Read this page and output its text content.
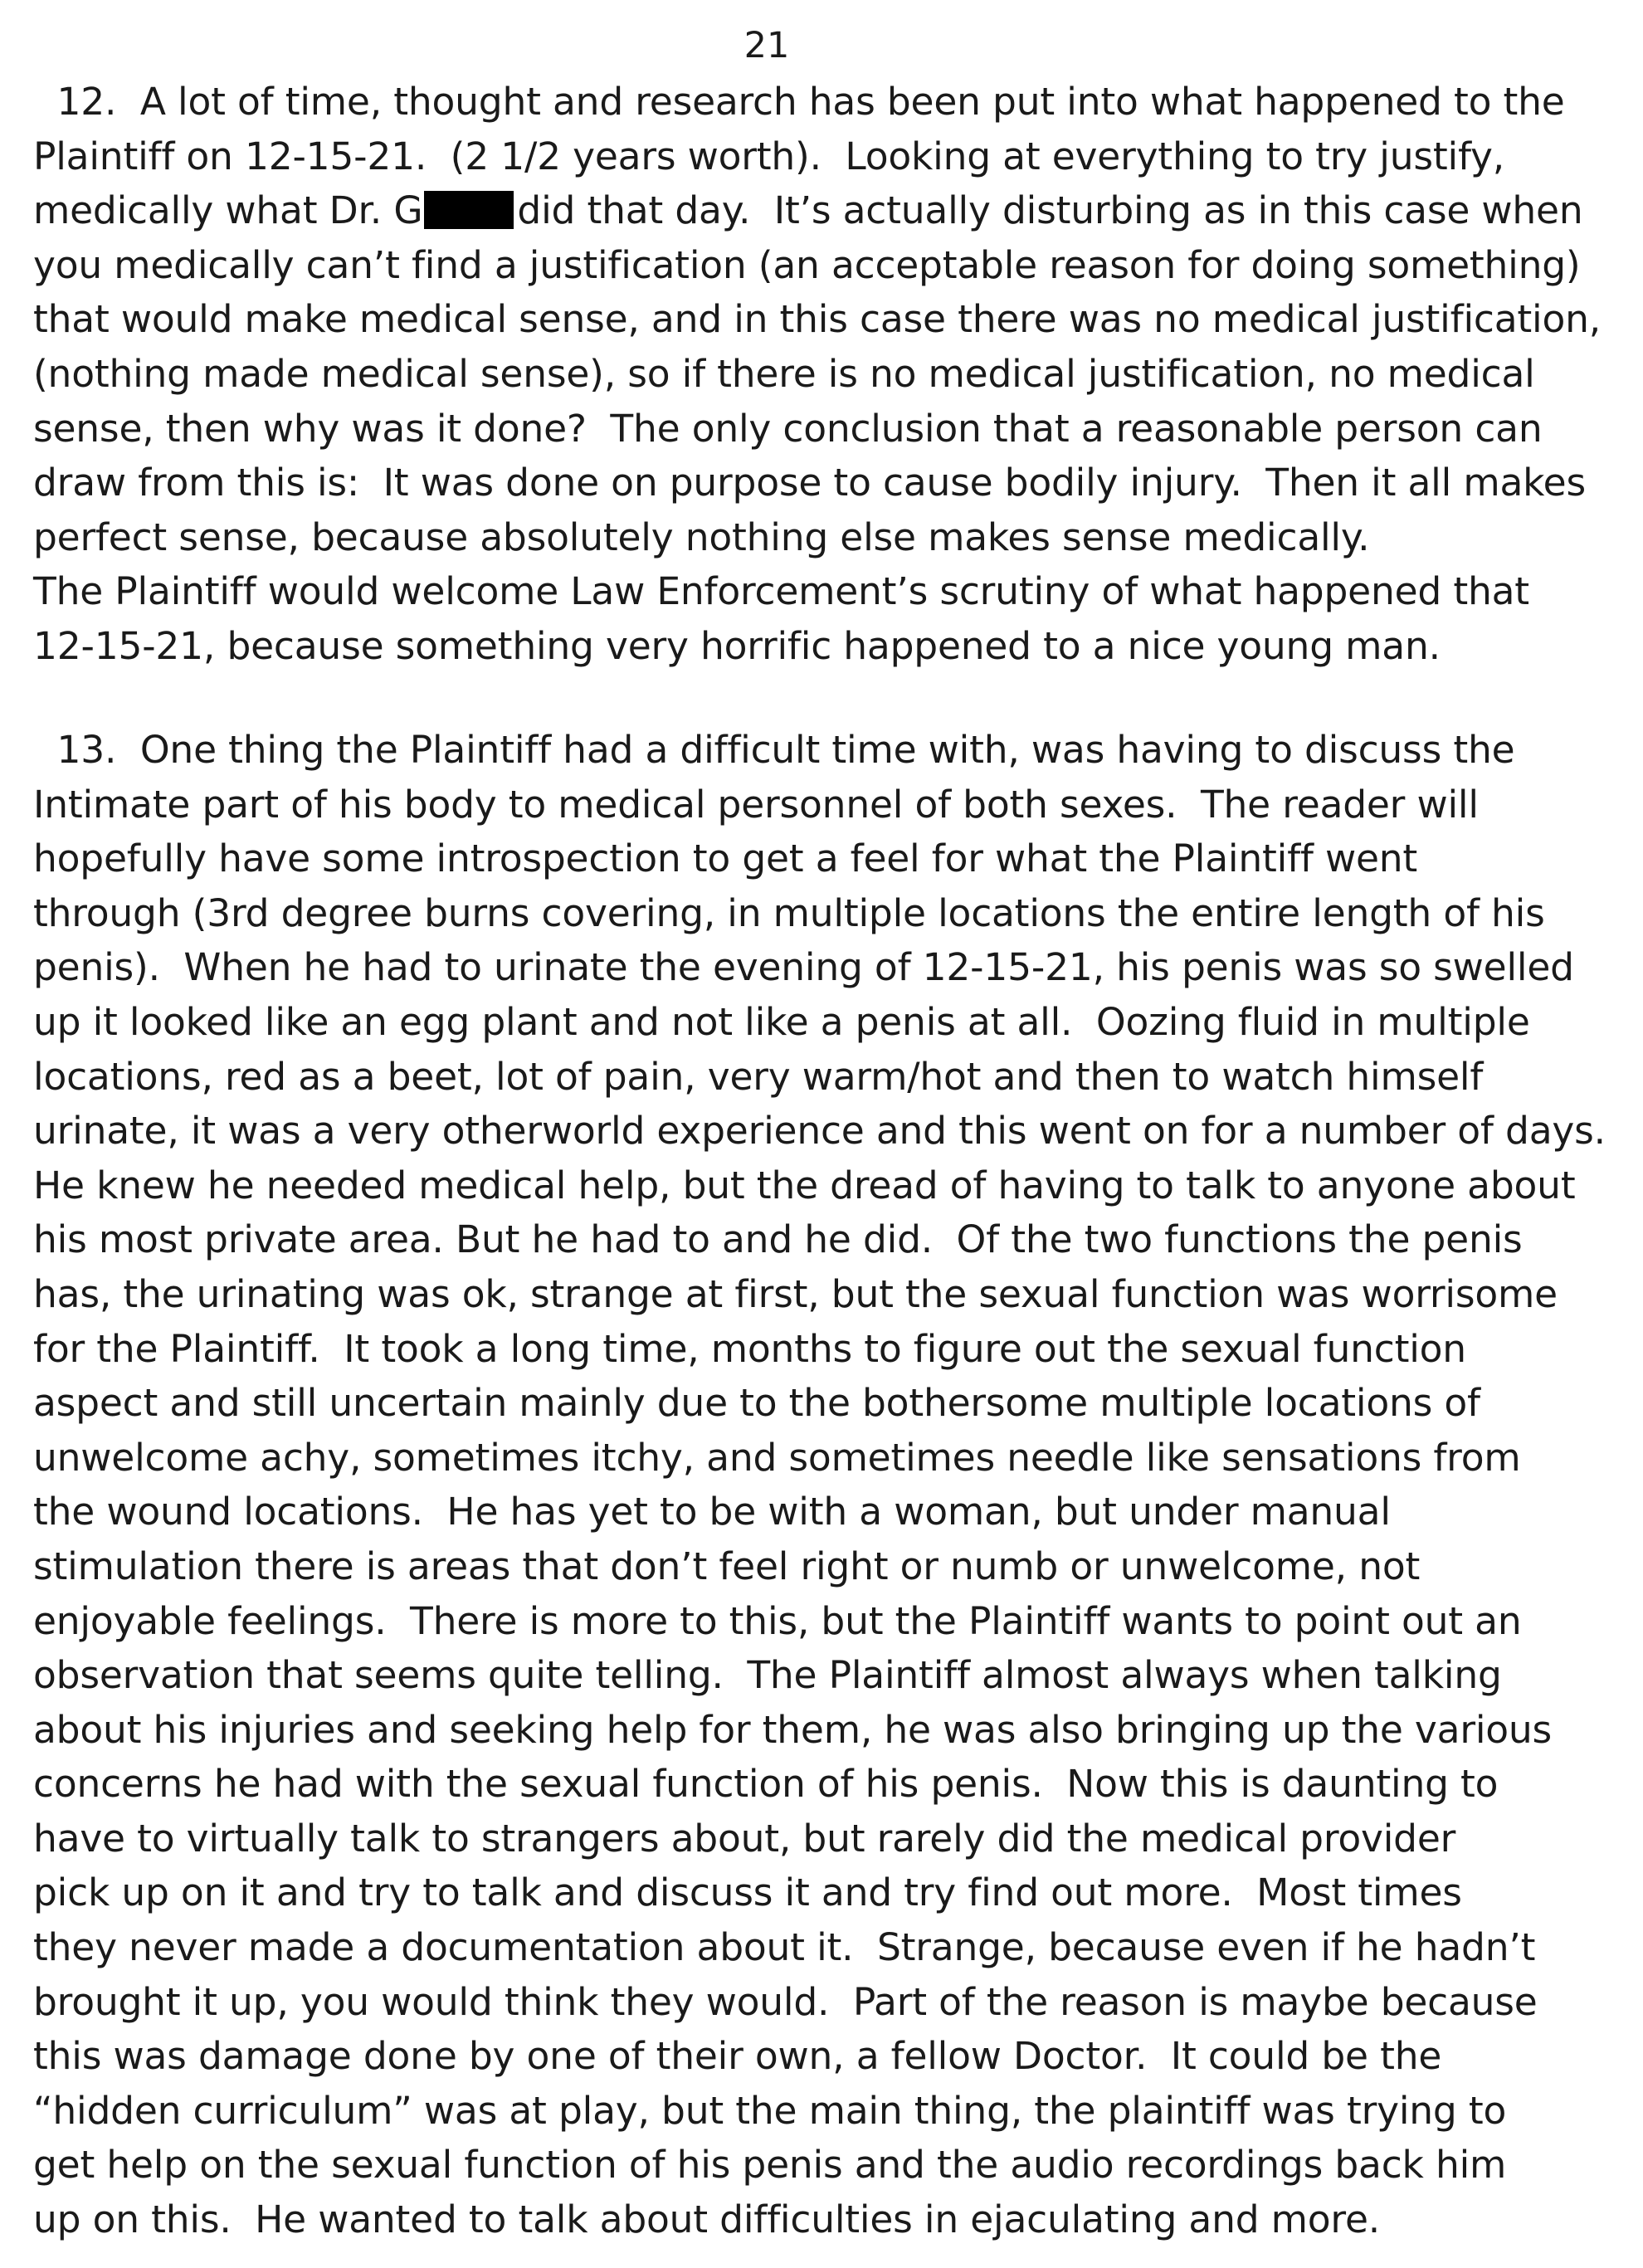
21
12.  A lot of time, thought and research has been put into what happened to the
Plaintiff on 12-15-21.  (2 1/2 years worth).  Looking at everything to try justify,
medically what Dr. G	did that day.  It’s actually disturbing as in this case when
you medically can’t find a justification (an acceptable reason for doing something)
that would make medical sense, and in this case there was no medical justification,
(nothing made medical sense), so if there is no medical justification, no medical
sense, then why was it done?  The only conclusion that a reasonable person can
draw from this is:  It was done on purpose to cause bodily injury.  Then it all makes
perfect sense, because absolutely nothing else makes sense medically.
The Plaintiff would welcome Law Enforcement’s scrutiny of what happened that
12-15-21, because something very horrific happened to a nice young man.
13.  One thing the Plaintiff had a difficult time with, was having to discuss the
Intimate part of his body to medical personnel of both sexes.  The reader will
hopefully have some introspection to get a feel for what the Plaintiff went
through (3rd degree burns covering, in multiple locations the entire length of his
penis).  When he had to urinate the evening of 12-15-21, his penis was so swelled
up it looked like an egg plant and not like a penis at all.  Oozing fluid in multiple
locations, red as a beet, lot of pain, very warm/hot and then to watch himself
urinate, it was a very otherworld experience and this went on for a number of days.
He knew he needed medical help, but the dread of having to talk to anyone about
his most private area. But he had to and he did.  Of the two functions the penis
has, the urinating was ok, strange at first, but the sexual function was worrisome
for the Plaintiff.  It took a long time, months to figure out the sexual function
aspect and still uncertain mainly due to the bothersome multiple locations of
unwelcome achy, sometimes itchy, and sometimes needle like sensations from
the wound locations.  He has yet to be with a woman, but under manual
stimulation there is areas that don’t feel right or numb or unwelcome, not
enjoyable feelings.  There is more to this, but the Plaintiff wants to point out an
observation that seems quite telling.  The Plaintiff almost always when talking
about his injuries and seeking help for them, he was also bringing up the various
concerns he had with the sexual function of his penis.  Now this is daunting to
have to virtually talk to strangers about, but rarely did the medical provider
pick up on it and try to talk and discuss it and try find out more.  Most times
they never made a documentation about it.  Strange, because even if he hadn’t
brought it up, you would think they would.  Part of the reason is maybe because
this was damage done by one of their own, a fellow Doctor.  It could be the
“hidden curriculum” was at play, but the main thing, the plaintiff was trying to
get help on the sexual function of his penis and the audio recordings back him
up on this.  He wanted to talk about difficulties in ejaculating and more.
